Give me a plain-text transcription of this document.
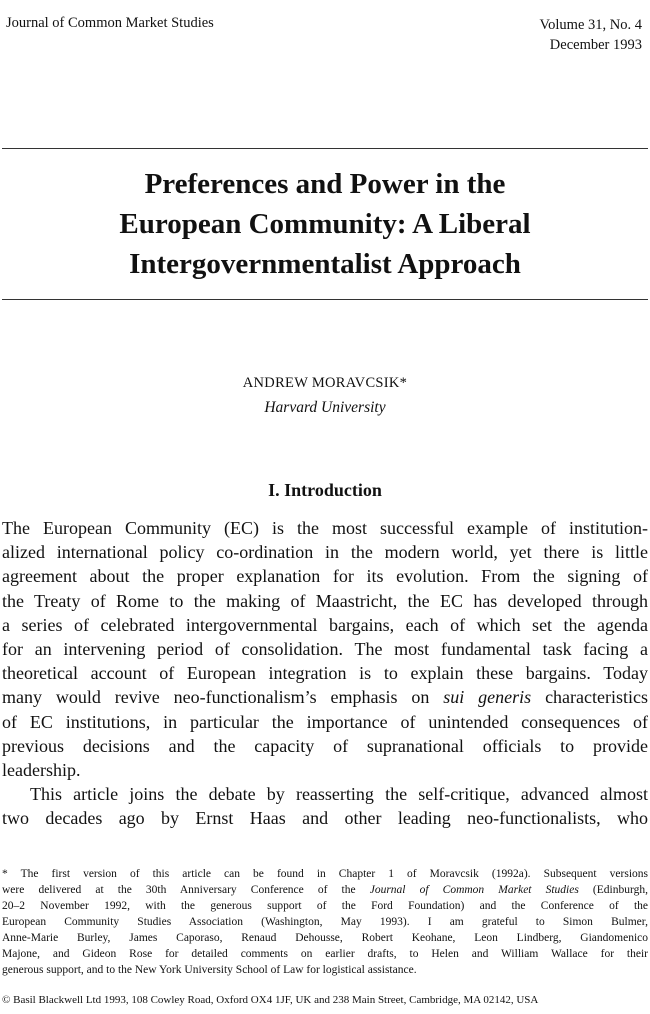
Journal of Common Market Studies	Volume 31, No. 4
December 1993
Preferences and Power in the
European Community: A Liberal
Intergovernmentalist Approach
ANDREW MORAVCSIK*
Harvard University
I. Introduction
The European Community (EC) is the most successful example of institution-
alized international policy co-ordination in the modern world, yet there is little
agreement about the proper explanation for its evolution. From the signing of
the Treaty of Rome to the making of Maastricht, the EC has developed through
a series of celebrated intergovernmental bargains, each of which set the agenda
for an intervening period of consolidation. The most fundamental task facing a
theoretical account of European integration is to explain these bargains. Today
many would revive neo-functionalism’s emphasis on sui generis characteristics
of EC institutions, in particular the importance of unintended consequences of
previous decisions and the capacity of supranational officials to provide
leadership.
This article joins the debate by reasserting the self-critique, advanced almost
two decades ago by Ernst Haas and other leading neo-functionalists, who
* The first version of this article can be found in Chapter 1 of Moravcsik (1992a). Subsequent versions
were delivered at the 30th Anniversary Conference of the Journal of Common Market Studies (Edinburgh,
20–2 November 1992, with the generous support of the Ford Foundation) and the Conference of the
European Community Studies Association (Washington, May 1993). I am grateful to Simon Bulmer,
Anne-Marie Burley, James Caporaso, Renaud Dehousse, Robert Keohane, Leon Lindberg, Giandomenico
Majone, and Gideon Rose for detailed comments on earlier drafts, to Helen and William Wallace for their
generous support, and to the New York University School of Law for logistical assistance.
© Basil Blackwell Ltd 1993, 108 Cowley Road, Oxford OX4 1JF, UK and 238 Main Street, Cambridge, MA 02142, USA
